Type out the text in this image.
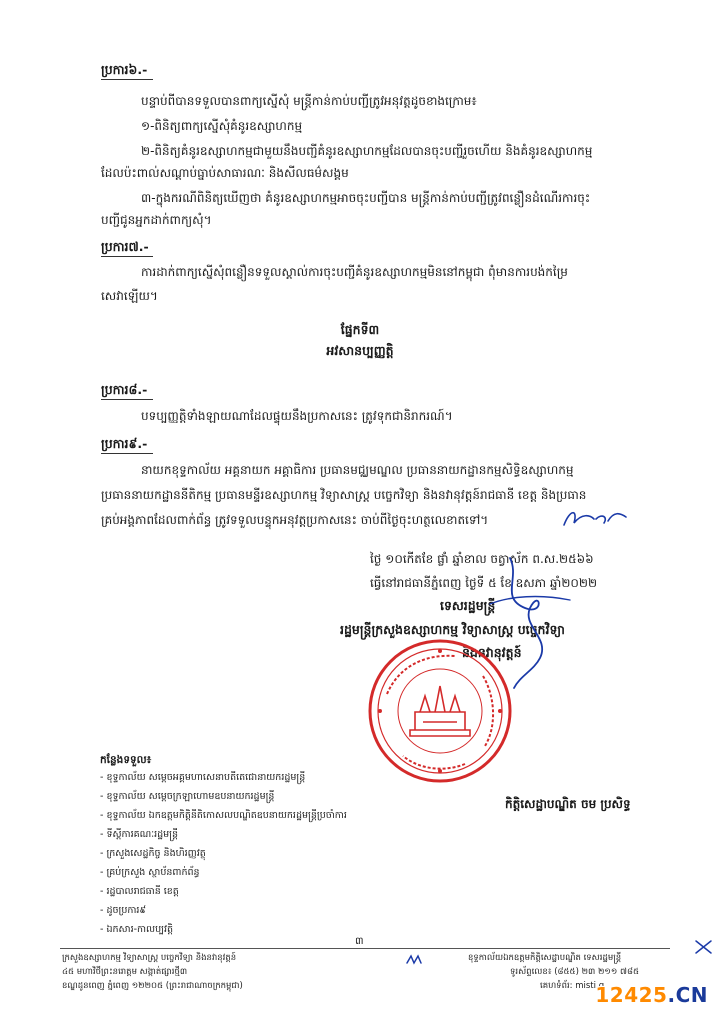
ប្រការ៦.-
បន្ទាប់ពីបានទទួលបានពាក្យស្នើសុំ មន្ត្រីកាន់កាប់បញ្ជីត្រូវអនុវត្តដូចខាងក្រោម៖
១-ពិនិត្យពាក្យស្នើសុំគំនូរឧស្សាហកម្ម
២-ពិនិត្យគំនូរឧស្សាហកម្មជាមួយនឹងបញ្ជីគំនូរឧស្សាហកម្មដែលបានចុះបញ្ជីរួចហើយ និងគំនូរឧស្សាហកម្ម
ដែលប៉ះពាល់សណ្តាប់ធ្នាប់សាធារណៈ និងសីលធម៌សង្គម
៣-ក្នុងករណីពិនិត្យឃើញថា គំនូរឧស្សាហកម្មអាចចុះបញ្ជីបាន មន្ត្រីកាន់កាប់បញ្ជីត្រូវពន្លឿនដំណើរការចុះ
បញ្ជីជូនអ្នកដាក់ពាក្យសុំ។
ប្រការ៧.-
ការដាក់ពាក្យស្នើសុំពន្លឿនទទួលស្គាល់ការចុះបញ្ជីគំនូរឧស្សាហកម្មមិននៅកម្ពុជា ពុំមានការបង់កម្រៃ
សេវាឡើយ។
ផ្នែកទី៣
អវសានប្បញ្ញត្តិ
ប្រការ៨.-
បទប្បញ្ញត្តិទាំងឡាយណាដែលផ្ទុយនឹងប្រកាសនេះ ត្រូវទុកជានិរាករណ៍។
ប្រការ៩.-
នាយកខុទ្ទកាល័យ អគ្គនាយក អគ្គាធិការ ប្រធានមជ្ឈមណ្ឌល ប្រធាននាយកដ្ឋានកម្មសិទ្ធិឧស្សាហកម្ម
ប្រធាននាយកដ្ឋាននីតិកម្ម ប្រធានមន្ទីរឧស្សាហកម្ម វិទ្យាសាស្ត្រ បច្ចេកវិទ្យា និងនវានុវត្តន៍រាជធានី ខេត្ត និងប្រធាន
គ្រប់អង្គភាពដែលពាក់ព័ន្ធ ត្រូវទទួលបន្ទុកអនុវត្តប្រកាសនេះ ចាប់ពីថ្ងៃចុះហត្ថលេខាតទៅ។
ថ្ងៃ ១០កើតខែ ផ្លាំ ឆ្នាំខាល ចត្វាស័ក ព.ស.២៥៦៦
ធ្វើនៅរាជធានីភ្នំពេញ ថ្ងៃទី ៥ ខែ ឧសភា ឆ្នាំ២០២២
ទេសរដ្ឋមន្ត្រី
រដ្ឋមន្ត្រីក្រសួងឧស្សាហកម្ម វិទ្យាសាស្ត្រ បច្ចេកវិទ្យា
និងនវានុវត្តន៍
កិត្តិសេដ្ឋាបណ្ឌិត ចម ប្រសិទ្ធ
កន្លែងទទួល៖
- ខុទ្ទកាល័យ សម្តេចអគ្គមហាសេនាបតីតេជោនាយករដ្ឋមន្ត្រី
- ខុទ្ទកាល័យ សម្តេចក្រឡាហោមឧបនាយករដ្ឋមន្ត្រី
- ខុទ្ទកាល័យ ឯកឧត្តមកិត្តិនីតិកោសលបណ្ឌិតឧបនាយករដ្ឋមន្ត្រីប្រចាំការ
- ទីស្តីការគណៈរដ្ឋមន្ត្រី
- ក្រសួងសេដ្ឋកិច្ច និងហិរញ្ញវត្ថុ
- គ្រប់ក្រសួង ស្ថាប័នពាក់ព័ន្ធ
- រដ្ឋបាលរាជធានី ខេត្ត
- ដូចប្រការ៩
- ឯកសារ-កាលប្បវត្តិ
៣
ក្រសួងឧស្សាហកម្ម វិទ្យាសាស្ត្រ បច្ចេកវិទ្យា និងនវានុវត្តន៍
៤៥ មហាវិថីព្រះនរោត្តម សង្កាត់ផ្សារថ្មី៣
ខណ្ឌដូនពេញ ភ្នំពេញ ១២២០៥ (ព្រះរាជាណាចក្រកម្ពុជា)
ខុទ្ទកាល័យឯកឧត្តមកិត្តិសេដ្ឋាបណ្ឌិត ទេសរដ្ឋមន្ត្រី
ទូរស័ព្ទលេខ៖ (៨៥៥) ២៣ ២១១ ៧៨៥
គេហទំព័រ: misti.g
12425.CN
